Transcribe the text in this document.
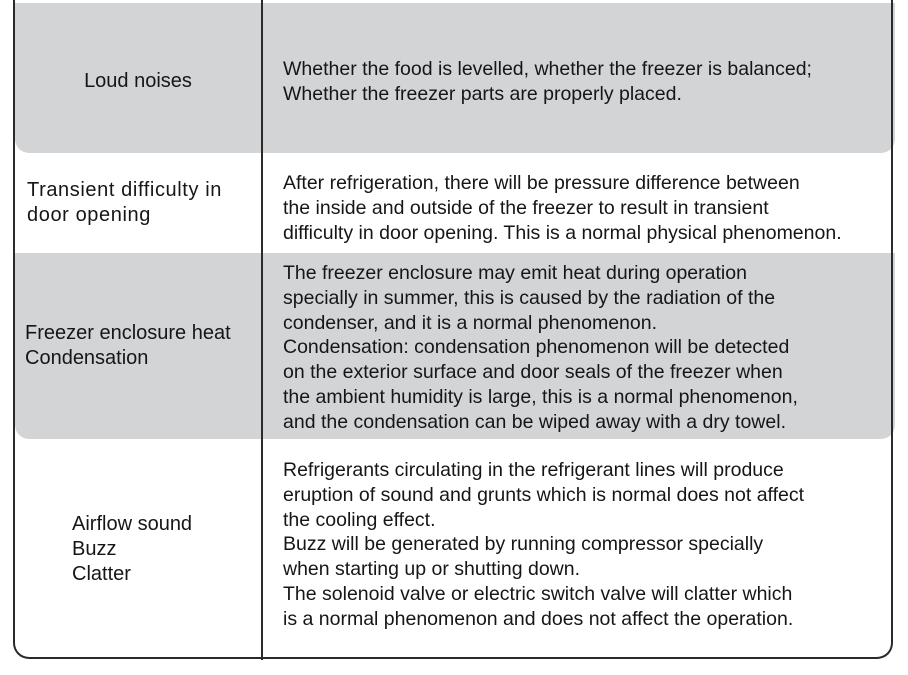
Loud noises
Whether the food is levelled, whether the freezer is balanced;
Whether the freezer parts are properly placed.
Transient difficulty in
door opening
After refrigeration, there will be pressure difference between
the inside and outside of the freezer to result in transient
difficulty in door opening. This is a normal physical phenomenon.
Freezer enclosure heat
Condensation
The freezer enclosure may emit heat during operation
specially in summer, this is caused by the radiation of the
condenser, and it is a normal phenomenon.
Condensation: condensation phenomenon will be detected
on the exterior surface and door seals of the freezer when
the ambient humidity is large, this is a normal phenomenon,
and the condensation can be wiped away with a dry towel.
Airflow sound
Buzz
Clatter
Refrigerants circulating in the refrigerant lines will produce
eruption of sound and grunts which is normal does not affect
the cooling effect.
Buzz will be generated by running compressor specially
when starting up or shutting down.
The solenoid valve or electric switch valve will clatter which
is a normal phenomenon and does not affect the operation.
